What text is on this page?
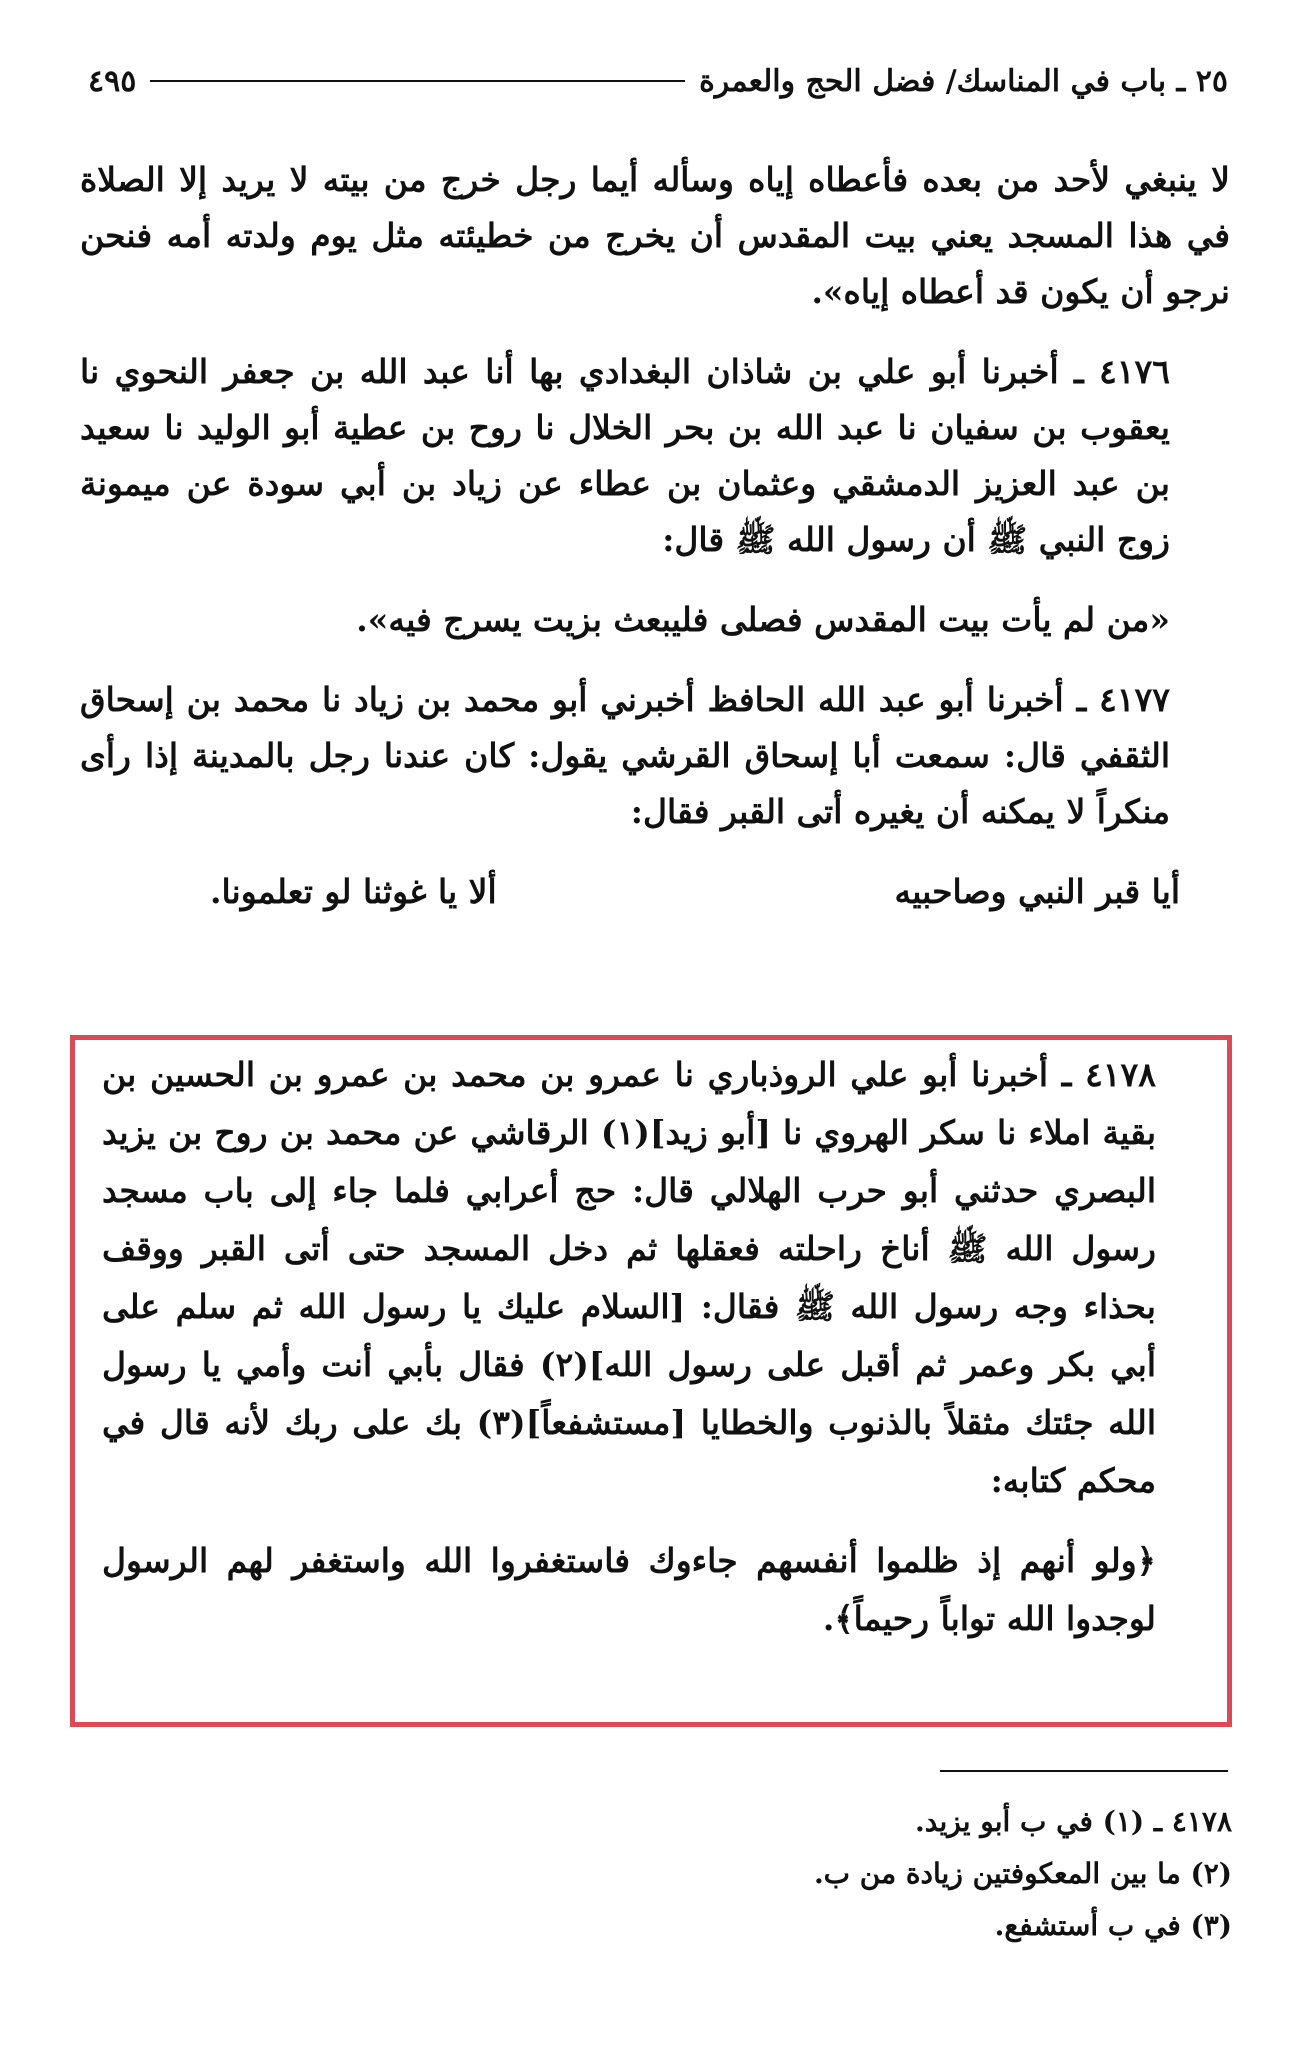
٢٥ ـ باب في المناسك/ فضل الحج والعمرة
٤٩٥

لا ينبغي لأحد من بعده فأعطاه إياه وسأله أيما رجل خرج من بيته لا يريد إلا الصلاة في هذا المسجد يعني بيت المقدس أن يخرج من خطيئته مثل يوم ولدته أمه فنحن نرجو أن يكون قد أعطاه إياه».

٤١٧٦ ـ أخبرنا أبو علي بن شاذان البغدادي بها أنا عبد الله بن جعفر النحوي نا يعقوب بن سفيان نا عبد الله بن بحر الخلال نا روح بن عطية أبو الوليد نا سعيد بن عبد العزيز الدمشقي وعثمان بن عطاء عن زياد بن أبي سودة عن ميمونة زوج النبي ﷺ أن رسول الله ﷺ قال:

«من لم يأت بيت المقدس فصلى فليبعث بزيت يسرج فيه».

٤١٧٧ ـ أخبرنا أبو عبد الله الحافظ أخبرني أبو محمد بن زياد نا محمد بن إسحاق الثقفي قال: سمعت أبا إسحاق القرشي يقول: كان عندنا رجل بالمدينة إذا رأى منكراً لا يمكنه أن يغيره أتى القبر فقال:

أيا قبر النبي وصاحبيه
ألا يا غوثنا لو تعلمونا.

٤١٧٨ ـ أخبرنا أبو علي الروذباري نا عمرو بن محمد بن عمرو بن الحسين بن بقية املاء نا سكر الهروي نا [أبو زيد](١) الرقاشي عن محمد بن روح بن يزيد البصري حدثني أبو حرب الهلالي قال: حج أعرابي فلما جاء إلى باب مسجد رسول الله ﷺ أناخ راحلته فعقلها ثم دخل المسجد حتى أتى القبر ووقف بحذاء وجه رسول الله ﷺ فقال: [السلام عليك يا رسول الله ثم سلم على أبي بكر وعمر ثم أقبل على رسول الله](٢) فقال بأبي أنت وأمي يا رسول الله جئتك مثقلاً بالذنوب والخطايا [مستشفعاً](٣) بك على ربك لأنه قال في محكم كتابه:

﴿ولو أنهم إذ ظلموا أنفسهم جاءوك فاستغفروا الله واستغفر لهم الرسول لوجدوا الله تواباً رحيماً﴾.

٤١٧٨ ـ (١) في ب أبو يزيد.
(٢) ما بين المعكوفتين زيادة من ب.
(٣) في ب أستشفع.
